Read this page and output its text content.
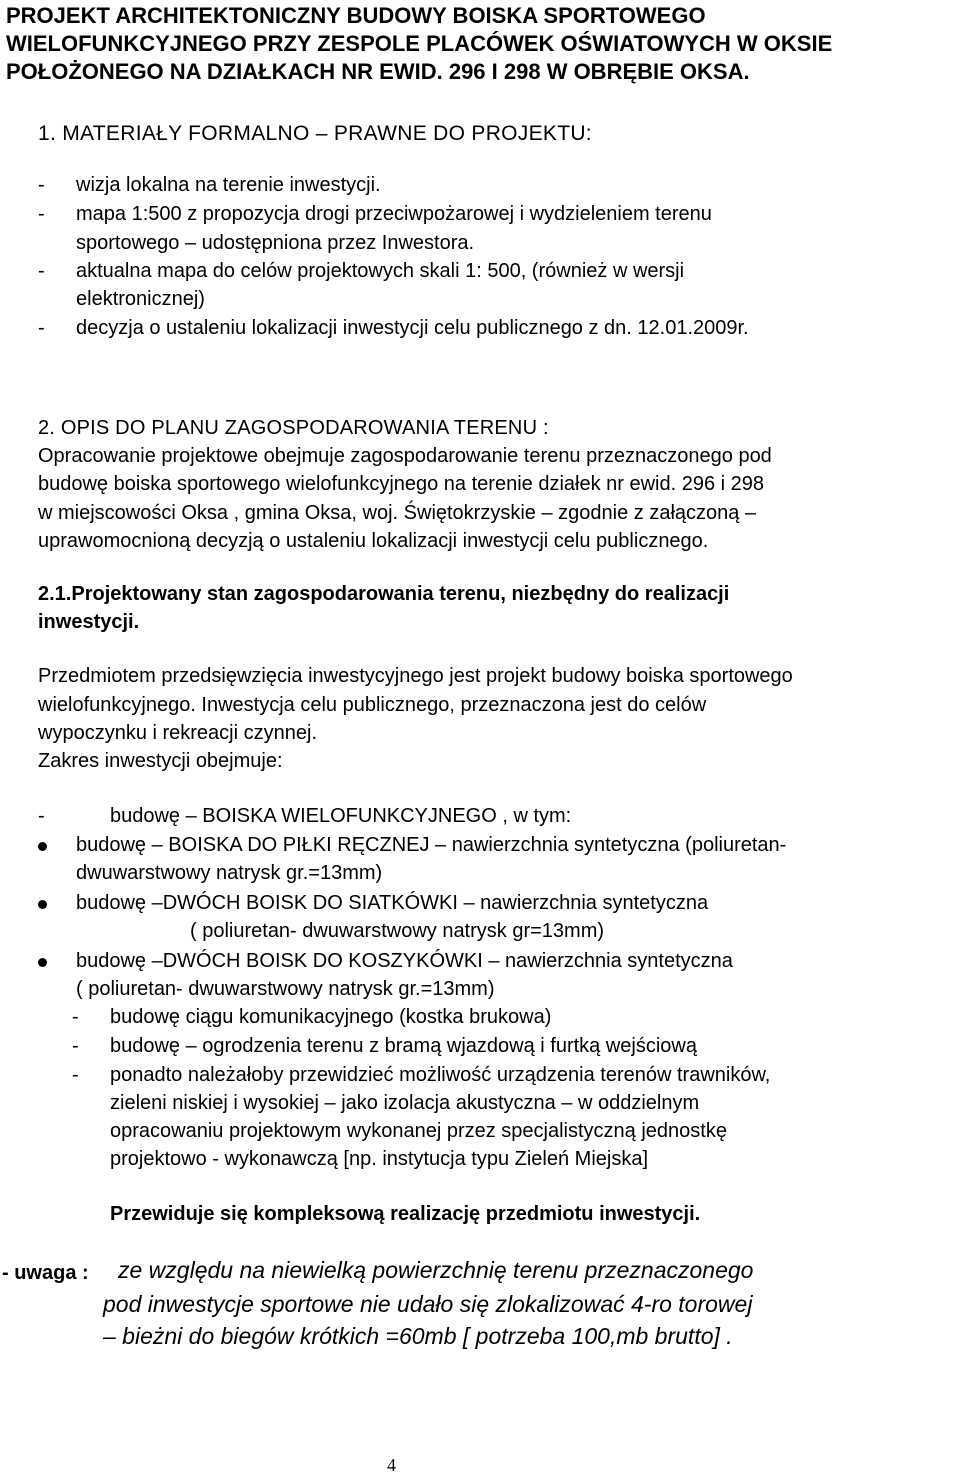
PROJEKT ARCHITEKTONICZNY BUDOWY BOISKA SPORTOWEGO
WIELOFUNKCYJNEGO PRZY ZESPOLE PLACÓWEK OŚWIATOWYCH W OKSIE
POŁOŻONEGO NA DZIAŁKACH NR EWID. 296 I 298 W OBRĘBIE OKSA.
1. MATERIAŁY FORMALNO – PRAWNE DO PROJEKTU:
- wizja lokalna na terenie inwestycji.
- mapa 1:500 z propozycja drogi przeciwpożarowej i wydzieleniem terenu
sportowego – udostępniona przez Inwestora.
- aktualna mapa do celów projektowych skali 1: 500, (również w wersji
elektronicznej)
- decyzja o ustaleniu lokalizacji inwestycji celu publicznego z dn. 12.01.2009r.
2. OPIS DO PLANU ZAGOSPODAROWANIA TERENU :
Opracowanie projektowe obejmuje zagospodarowanie terenu przeznaczonego pod
budowę boiska sportowego wielofunkcyjnego na terenie działek nr ewid. 296 i 298
w miejscowości Oksa , gmina Oksa, woj. Świętokrzyskie – zgodnie z załączoną –
uprawomocnioną decyzją o ustaleniu lokalizacji inwestycji celu publicznego.
2.1.Projektowany stan zagospodarowania terenu, niezbędny do realizacji
inwestycji.
Przedmiotem przedsięwzięcia inwestycyjnego jest projekt budowy boiska sportowego
wielofunkcyjnego. Inwestycja celu publicznego, przeznaczona jest do celów
wypoczynku i rekreacji czynnej.
Zakres inwestycji obejmuje:
-	budowę – BOISKA WIELOFUNKCYJNEGO , w tym:
budowę – BOISKA DO PIŁKI RĘCZNEJ – nawierzchnia syntetyczna (poliuretan-
dwuwarstwowy natrysk gr.=13mm)
budowę –DWÓCH BOISK DO SIATKÓWKI – nawierzchnia syntetyczna
( poliuretan- dwuwarstwowy natrysk gr=13mm)
budowę –DWÓCH BOISK DO KOSZYKÓWKI – nawierzchnia syntetyczna
( poliuretan- dwuwarstwowy natrysk gr.=13mm)
- budowę ciągu komunikacyjnego (kostka brukowa)
- budowę – ogrodzenia terenu z bramą wjazdową i furtką wejściową
- ponadto należałoby przewidzieć możliwość urządzenia terenów trawników,
zieleni niskiej i wysokiej – jako izolacja akustyczna – w oddzielnym
opracowaniu projektowym wykonanej przez specjalistyczną jednostkę
projektowo - wykonawczą [np. instytucja typu Zieleń Miejska]
Przewiduje się kompleksową realizację przedmiotu inwestycji.
- uwaga : ze względu na niewielką powierzchnię terenu przeznaczonego
pod inwestycje sportowe nie udało się zlokalizować 4-ro torowej
– bieżni do biegów krótkich =60mb [ potrzeba 100,mb brutto] .
4
